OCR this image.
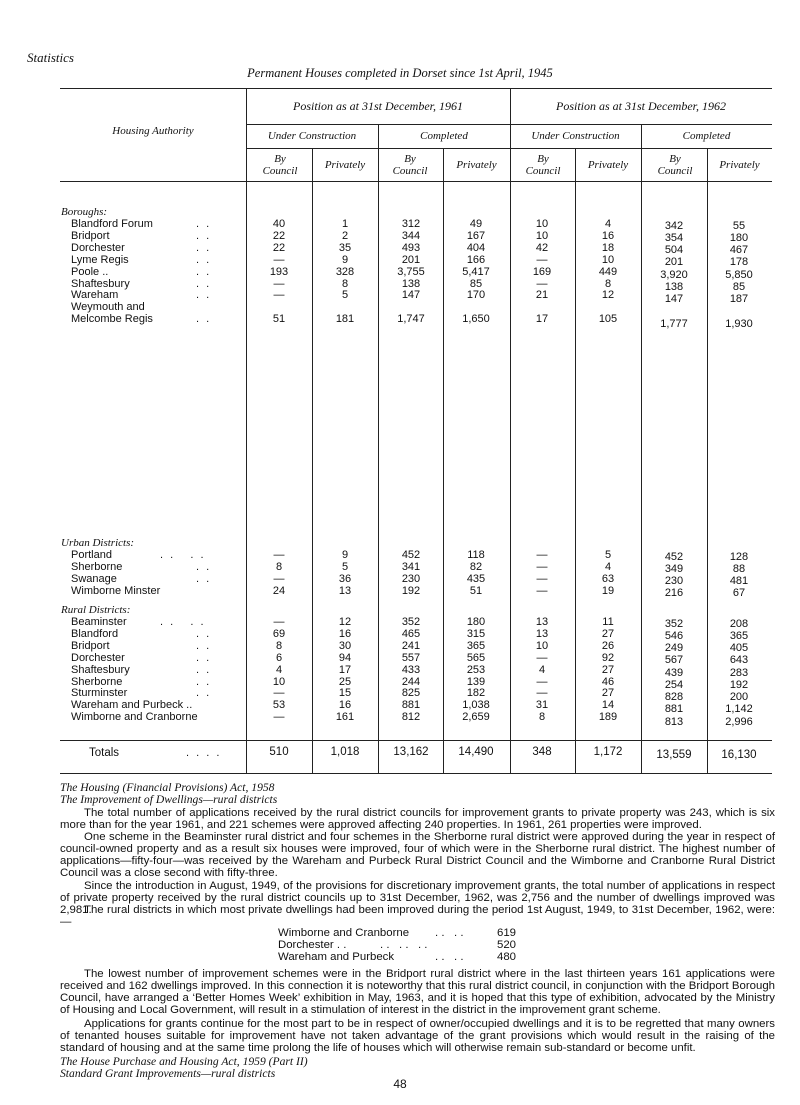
Statistics
Permanent Houses completed in Dorset since 1st April, 1945
Housing Authority
Position as at 31st December, 1961	Position as at 31st December, 1962
Under Construction	Completed	Under Construction	Completed
By Council	Privately	By Council	Privately	By Council	Privately	By Council	Privately
Boroughs:
Blandford Forum	40	1	312	49	10	4	342	55
Bridport	22	2	344	167	10	16	354	180
Dorchester	22	35	493	404	42	18	504	467
Lyme Regis	—	9	201	166	—	10	201	178
Poole ..	193	328	3,755	5,417	169	449	3,920	5,850
Shaftesbury	—	8	138	85	—	8	138	85
Wareham	—	5	147	170	21	12	147	187
Weymouth and
Melcombe Regis	51	181	1,747	1,650	17	105	1,777	1,930
Urban Districts:
Portland	—	9	452	118	—	5	452	128
Sherborne	8	5	341	82	—	4	349	88
Swanage	—	36	230	435	—	63	230	481
Wimborne Minster	24	13	192	51	—	19	216	67
Rural Districts:
Beaminster	—	12	352	180	13	11	352	208
Blandford	69	16	465	315	13	27	546	365
Bridport	8	30	241	365	10	26	249	405
Dorchester	6	94	557	565	—	92	567	643
Shaftesbury	4	17	433	253	4	27	439	283
Sherborne	10	25	244	139	—	46	254	192
Sturminster	—	15	825	182	—	27	828	200
Wareham and Purbeck ..	53	16	881	1,038	31	14	881	1,142
Wimborne and Cranborne	—	161	812	2,659	8	189	813	2,996
. .
. .
. .
. .
. .
. .
. .
. .
. .   . .
. .
. .
. .   . .
. .
. .
. .
. .
. .
. .
Totals	. . . .	510	1,018	13,162	14,490	348	1,172	13,559	16,130
The Housing (Financial Provisions) Act, 1958
The Improvement of Dwellings—rural districts
The total number of applications received by the rural district councils for improvement grants to private property was 243, which is six more than for the year 1961, and 221 schemes were approved affecting 240 properties. In 1961, 261 properties were improved.
One scheme in the Beaminster rural district and four schemes in the Sherborne rural district were approved during the year in respect of council-owned property and as a result six houses were improved, four of which were in the Sherborne rural district. The highest number of applications—fifty-four—was received by the Wareham and Purbeck Rural District Council and the Wimborne and Cranborne Rural District Council was a close second with fifty-three.
Since the introduction in August, 1949, of the provisions for discretionary improvement grants, the total number of applications in respect of private property received by the rural district councils up to 31st December, 1962, was 2,756 and the number of dwellings improved was 2,981.
The rural districts in which most private dwellings had been improved during the period 1st August, 1949, to 31st December, 1962, were:—
Wimborne and Cranborne . .   . .	619
Dorchester . .	. .   . .   . .	520
Wareham and Purbeck	. .   . .	480
The lowest number of improvement schemes were in the Bridport rural district where in the last thirteen years 161 applications were received and 162 dwellings improved. In this connection it is noteworthy that this rural district council, in conjunction with the Bridport Borough Council, have arranged a ‘Better Homes Week’ exhibition in May, 1963, and it is hoped that this type of exhibition, advocated by the Ministry of Housing and Local Government, will result in a stimulation of interest in the district in the improvement grant scheme.
Applications for grants continue for the most part to be in respect of owner/occupied dwellings and it is to be regretted that many owners of tenanted houses suitable for improvement have not taken advantage of the grant provisions which would result in the raising of the standard of housing and at the same time prolong the life of houses which will otherwise remain sub-standard or become unfit.
The House Purchase and Housing Act, 1959 (Part II)
Standard Grant Improvements—rural districts
48
